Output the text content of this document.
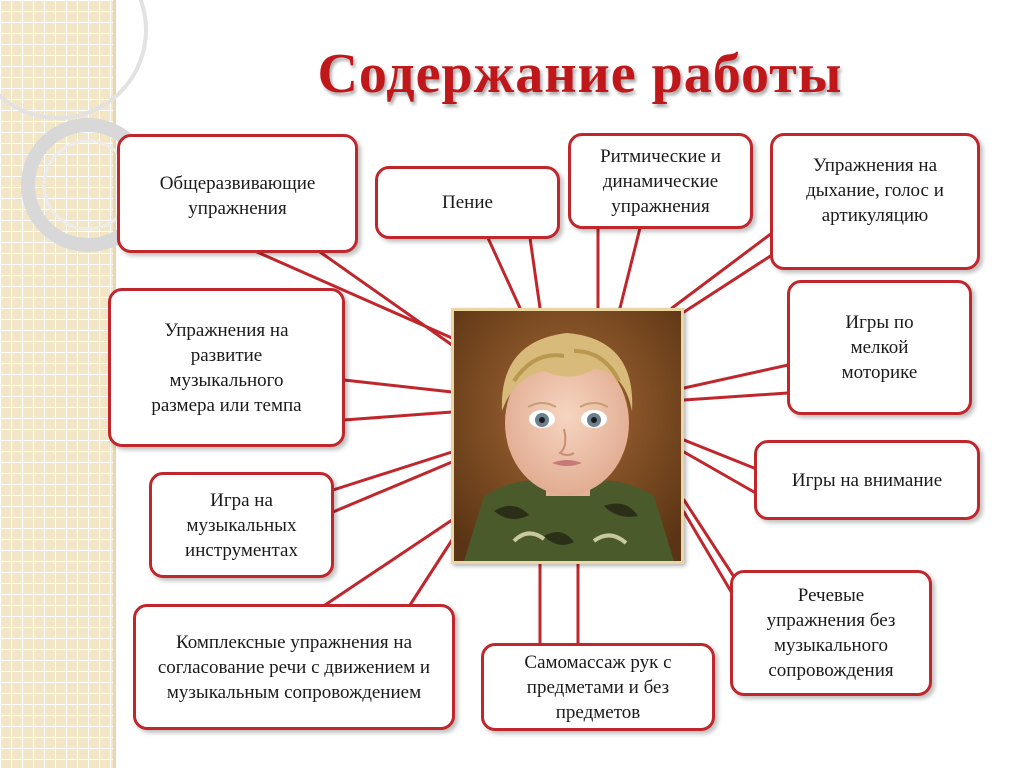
Содержание работы
Общеразвивающие упражнения	Пение
Ритмические и динамические упражнения
Упражнения на дыхание, голос и артикуляцию
Упражнения на развитие музыкального размера или темпа
Игры по мелкой моторике
Игры на внимание
Игра на музыкальных инструментах
Речевые упражнения без музыкального сопровождения
Комплексные упражнения на согласование речи с движением и музыкальным сопровождением
Самомассаж рук с предметами и без предметов
